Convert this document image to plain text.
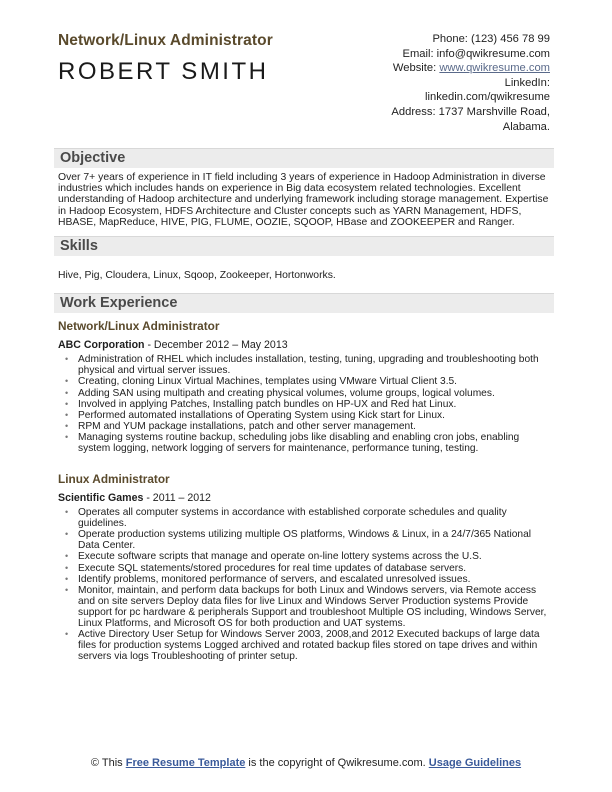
Network/Linux Administrator
ROBERT SMITH
Phone: (123) 456 78 99
Email: info@qwikresume.com
Website: www.qwikresume.com
LinkedIn:
linkedin.com/qwikresume
Address: 1737 Marshville Road,
Alabama.
Objective
Over 7+ years of experience in IT field including 3 years of experience in Hadoop Administration in diverse industries which includes hands on experience in Big data ecosystem related technologies. Excellent understanding of Hadoop architecture and underlying framework including storage management. Expertise in Hadoop Ecosystem, HDFS Architecture and Cluster concepts such as YARN Management, HDFS, HBASE, MapReduce, HIVE, PIG, FLUME, OOZIE, SQOOP, HBase and ZOOKEEPER and Ranger.
Skills
Hive, Pig, Cloudera, Linux, Sqoop, Zookeeper, Hortonworks.
Work Experience
Network/Linux Administrator
ABC Corporation - December 2012 – May 2013
• Administration of RHEL which includes installation, testing, tuning, upgrading and troubleshooting both physical and virtual server issues.
• Creating, cloning Linux Virtual Machines, templates using VMware Virtual Client 3.5.
• Adding SAN using multipath and creating physical volumes, volume groups, logical volumes.
• Involved in applying Patches, Installing patch bundles on HP-UX and Red hat Linux.
• Performed automated installations of Operating System using Kick start for Linux.
• RPM and YUM package installations, patch and other server management.
• Managing systems routine backup, scheduling jobs like disabling and enabling cron jobs, enabling system logging, network logging of servers for maintenance, performance tuning, testing.
Linux Administrator
Scientific Games - 2011 – 2012
• Operates all computer systems in accordance with established corporate schedules and quality guidelines.
• Operate production systems utilizing multiple OS platforms, Windows & Linux, in a 24/7/365 National Data Center.
• Execute software scripts that manage and operate on-line lottery systems across the U.S.
• Execute SQL statements/stored procedures for real time updates of database servers.
• Identify problems, monitored performance of servers, and escalated unresolved issues.
• Monitor, maintain, and perform data backups for both Linux and Windows servers, via Remote access and on site servers Deploy data files for live Linux and Windows Server Production systems Provide support for pc hardware & peripherals Support and troubleshoot Multiple OS including, Windows Server, Linux Platforms, and Microsoft OS for both production and UAT systems.
• Active Directory User Setup for Windows Server 2003, 2008,and 2012 Executed backups of large data files for production systems Logged archived and rotated backup files stored on tape drives and within servers via logs Troubleshooting of printer setup.
© This Free Resume Template is the copyright of Qwikresume.com. Usage Guidelines
